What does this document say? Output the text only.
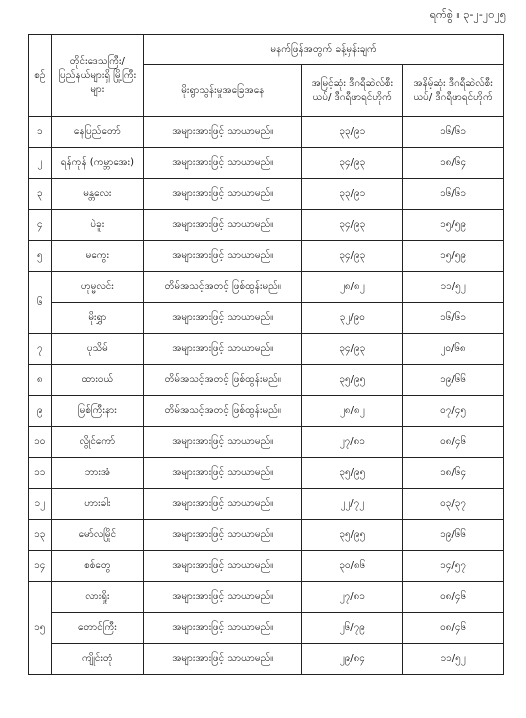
ရက်စွဲ ။ ၃-၂-၂၀၂၅
စဉ်	တိုင်းဒေသကြီး/ ပြည်နယ်များရှိ မြို့ကြီးများ	မနက်ဖြန်အတွက် ခန့်မှန်းချက်		
		မိုးရွာသွန်းမှုအခြေအနေ	အမြင့်ဆုံး ဒီဂရီဆဲလ်စီးယပ်/ ဒီဂရီဖာရင်ဟိုက်	အနိမ့်ဆုံး ဒီဂရီဆဲလ်စီးယပ်/ ဒီဂရီဖာရင်ဟိုက်
၁	နေပြည်တော်	အများအားဖြင့် သာယာမည်။	၃၃/၉၁	၁၆/၆၁
၂	ရန်ကုန် (ကမ္ဘာအေး)	အများအားဖြင့် သာယာမည်။	၃၄/၉၃	၁၈/၆၄
၃	မန္တလေး	အများအားဖြင့် သာယာမည်။	၃၃/၉၁	၁၆/၆၁
၄	ပဲခူး	အများအားဖြင့် သာယာမည်။	၃၄/၉၃	၁၅/၅၉
၅	မကွေး	အများအားဖြင့် သာယာမည်။	၃၄/၉၃	၁၅/၅၉
၆	ဟုမ္မလင်း	တိမ်အသင့်အတင့် ဖြစ်ထွန်းမည်။	၂၈/၈၂	၁၁/၅၂
	မိုးရွှာ	အများအားဖြင့် သာယာမည်။	၃၂/၉၀	၁၆/၆၁
၇	ပုသိမ်	အများအားဖြင့် သာယာမည်။	၃၄/၉၃	၂၀/၆၈
၈	ထားဝယ်	တိမ်အသင့်အတင့် ဖြစ်ထွန်းမည်။	၃၅/၉၅	၁၉/၆၆
၉	မြစ်ကြီးနား	တိမ်အသင့်အတင့် ဖြစ်ထွန်းမည်။	၂၈/၈၂	၀၇/၄၅
၁၀	လွိုင်ကော်	အများအားဖြင့် သာယာမည်။	၂၇/၈၁	၀၈/၄၆
၁၁	ဘားအံ	အများအားဖြင့် သာယာမည်။	၃၅/၉၅	၁၈/၆၄
၁၂	ဟားခါး	အများအားဖြင့် သာယာမည်။	၂၂/၇၂	၀၃/၃၇
၁၃	မော်လမြိုင်	အများအားဖြင့် သာယာမည်။	၃၅/၉၅	၁၉/၆၆
၁၄	စစ်တွေ	အများအားဖြင့် သာယာမည်။	၃၀/၈၆	၁၄/၅၇
၁၅	လားရှိုး	အများအားဖြင့် သာယာမည်။	၂၇/၈၁	၀၈/၄၆
	တောင်ကြီး	အများအားဖြင့် သာယာမည်။	၂၆/၇၉	၀၈/၄၆
	ကျိုင်းတုံ	အများအားဖြင့် သာယာမည်။	၂၉/၈၄	၁၁/၅၂
